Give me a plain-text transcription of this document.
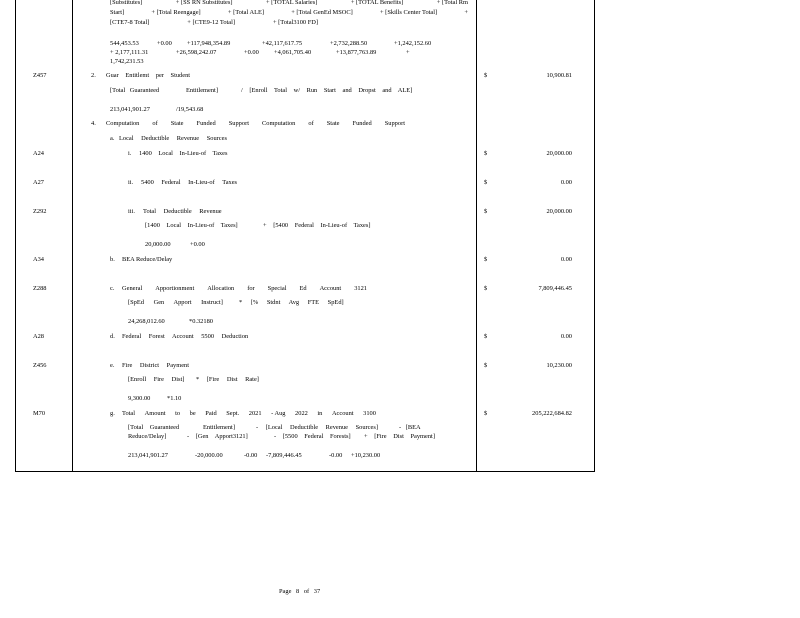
[Substitutes]	+ [SS RN Substitutes]	+ [TOTAL Salaries]	+ [TOTAL Benefits]	+ [Total Rm
Start]	+ [Total Reengage]	+ [Total ALE]	+ [Total GenEd MSOC]	+ [Skills Center Total]	+
[CTE7-8 Total]	+ [CTE9-12 Total]	+ [Total3100 FD]
544,453.53	+0.00 +117,948,354.89	+42,117,617.75	+2,732,288.50	+1,242,152.60
+ 2,177,111.31	+26,598,242.07	+0.00 +4,061,705.40	+13,877,763.89	+
1,742,231.53
Z457	2. Guar Entitlemt per Student	$	10,900.81
[Total Guaranteed	Entitlement]	/ [Enroll Total w/ Run Start and Dropst and ALE]
213,041,901.27	/19,543.68
4. Computation of State Funded Support Computation of State Funded Support
a. Local Deductible Revenue Sources
A24	i. 1400 Local In-Lieu-of Taxes	$	20,000.00
A27	ii. 5400 Federal In-Lieu-of Taxes	$	0.00
Z292	iii. Total Deductible Revenue	$	20,000.00
[1400 Local In-Lieu-of Taxes]	+ [5400 Federal In-Lieu-of Taxes]
20,000.00	+0.00
A34	b. BEA Reduce/Delay	$	0.00
Z288	c. General Apportionment Allocation for Special Ed Account 3121	$	7,809,446.45
[SpEd Gen Apport Instruct]	* [% Stdnt Avg FTE SpEd]
24,268,012.60	*0.32180
A28	d. Federal Forest Account 5500 Deduction	$	0.00
Z456	e. Fire District Payment	$	10,230.00
[Enroll Fire Dist] * [Fire Dist Rate]
9,300.00	*1.10
M70	g. Total Amount to be Paid Sept. 2021 - Aug 2022 in Account 3100	$	205,222,684.82
[Total Guaranteed	Entitlement]	- [Local Deductible Revenue Sources]	- [BEA
Reduce/Delay]	- [Gen Apport3121]	- [5500 Federal Forests] + [Fire Dist Payment]
213,041,901.27	-20,000.00	-0.00 -7,809,446.45	-0.00 +10,230.00
Page 8 of 37
